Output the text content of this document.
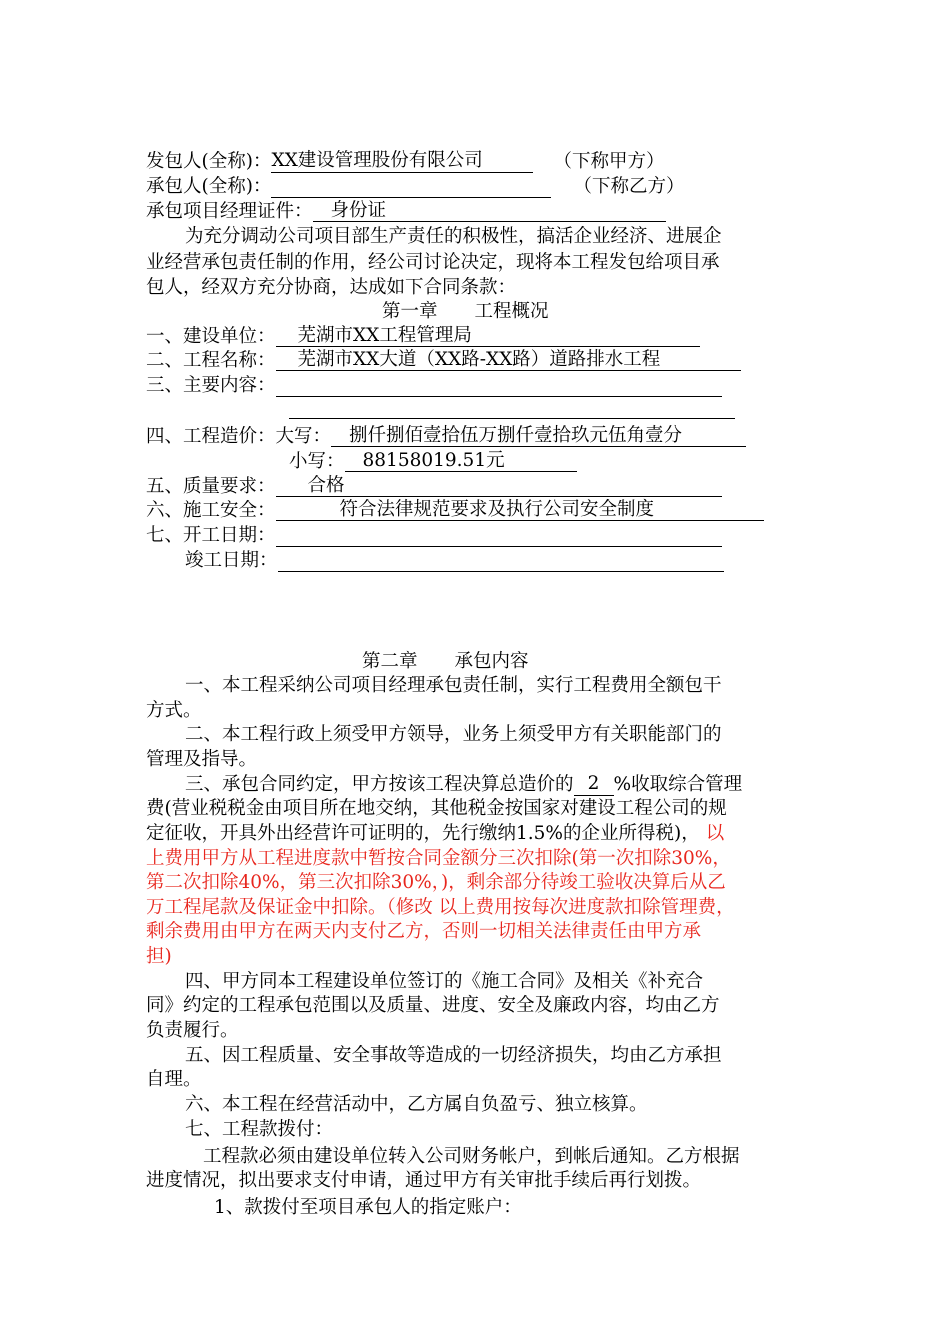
发包人(全称)：XX建设管理股份有限公司	（下称甲方）
承包人(全称)：	（下称乙方）
承包项目经理证件： 身份证
为充分调动公司项目部生产责任的积极性，搞活企业经济、进展企
业经营承包责任制的作用，经公司讨论决定，现将本工程发包给项目承
包人，经双方充分协商，达成如下合同条款：
第一章　　工程概况
一、建设单位： 芜湖市XX工程管理局
二、工程名称： 芜湖市XX大道（XX路-XX路）道路排水工程
三、主要内容：
四、工程造价：大写： 捌仟捌佰壹拾伍万捌仟壹拾玖元伍角壹分
小写： 88158019.51元
五、质量要求： 合格
六、施工安全：	符合法律规范要求及执行公司安全制度
七、开工日期：
竣工日期：
第二章　　承包内容
一、本工程采纳公司项目经理承包责任制，实行工程费用全额包干
方式。
二、本工程行政上须受甲方领导，业务上须受甲方有关职能部门的
管理及指导。
三、承包合同约定，甲方按该工程决算总造价的 2 %收取综合管理
费(营业税税金由项目所在地交纳，其他税金按国家对建设工程公司的规
定征收，开具外出经营许可证明的，先行缴纳1.5%的企业所得税)， 以
上费用甲方从工程进度款中暂按合同金额分三次扣除(第一次扣除30%，
第二次扣除40%，第三次扣除30%，)，剩余部分待竣工验收决算后从乙
万工程尾款及保证金中扣除。（修改 以上费用按每次进度款扣除管理费，
剩余费用由甲方在两天内支付乙方，否则一切相关法律责任由甲方承
担)
四、甲方同本工程建设单位签订的《施工合同》及相关《补充合
同》约定的工程承包范围以及质量、进度、安全及廉政内容，均由乙方
负责履行。
五、因工程质量、安全事故等造成的一切经济损失，均由乙方承担
自理。
六、本工程在经营活动中，乙方属自负盈亏、独立核算。
七、工程款拨付：
工程款必须由建设单位转入公司财务帐户，到帐后通知。乙方根据
进度情况，拟出要求支付申请，通过甲方有关审批手续后再行划拨。
1、款拨付至项目承包人的指定账户：
